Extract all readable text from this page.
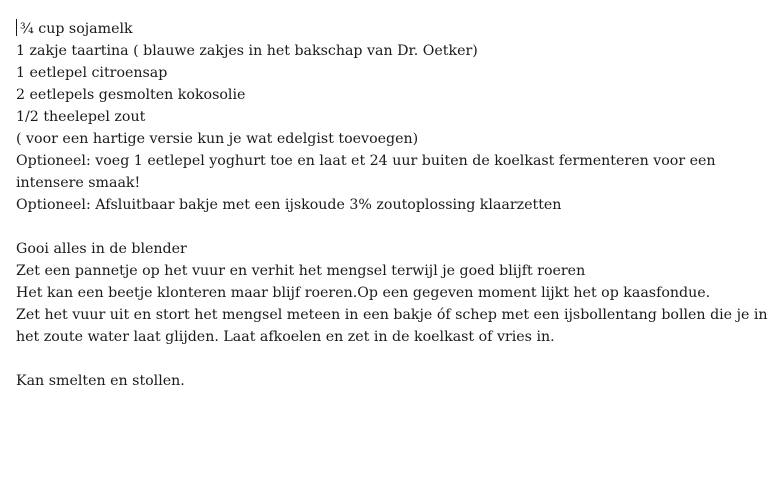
¾ cup sojamelk
1 zakje taartina ( blauwe zakjes in het bakschap van Dr. Oetker)
1 eetlepel citroensap
2 eetlepels gesmolten kokosolie
1/2 theelepel zout
( voor een hartige versie kun je wat edelgist toevoegen)
Optioneel: voeg 1 eetlepel yoghurt toe en laat et 24 uur buiten de koelkast fermenteren voor een
intensere smaak!
Optioneel: Afsluitbaar bakje met een ijskoude 3% zoutoplossing klaarzetten
Gooi alles in de blender
Zet een pannetje op het vuur en verhit het mengsel terwijl je goed blijft roeren
Het kan een beetje klonteren maar blijf roeren.Op een gegeven moment lijkt het op kaasfondue.
Zet het vuur uit en stort het mengsel meteen in een bakje óf schep met een ijsbollentang bollen die je in
het zoute water laat glijden. Laat afkoelen en zet in de koelkast of vries in.
Kan smelten en stollen.
